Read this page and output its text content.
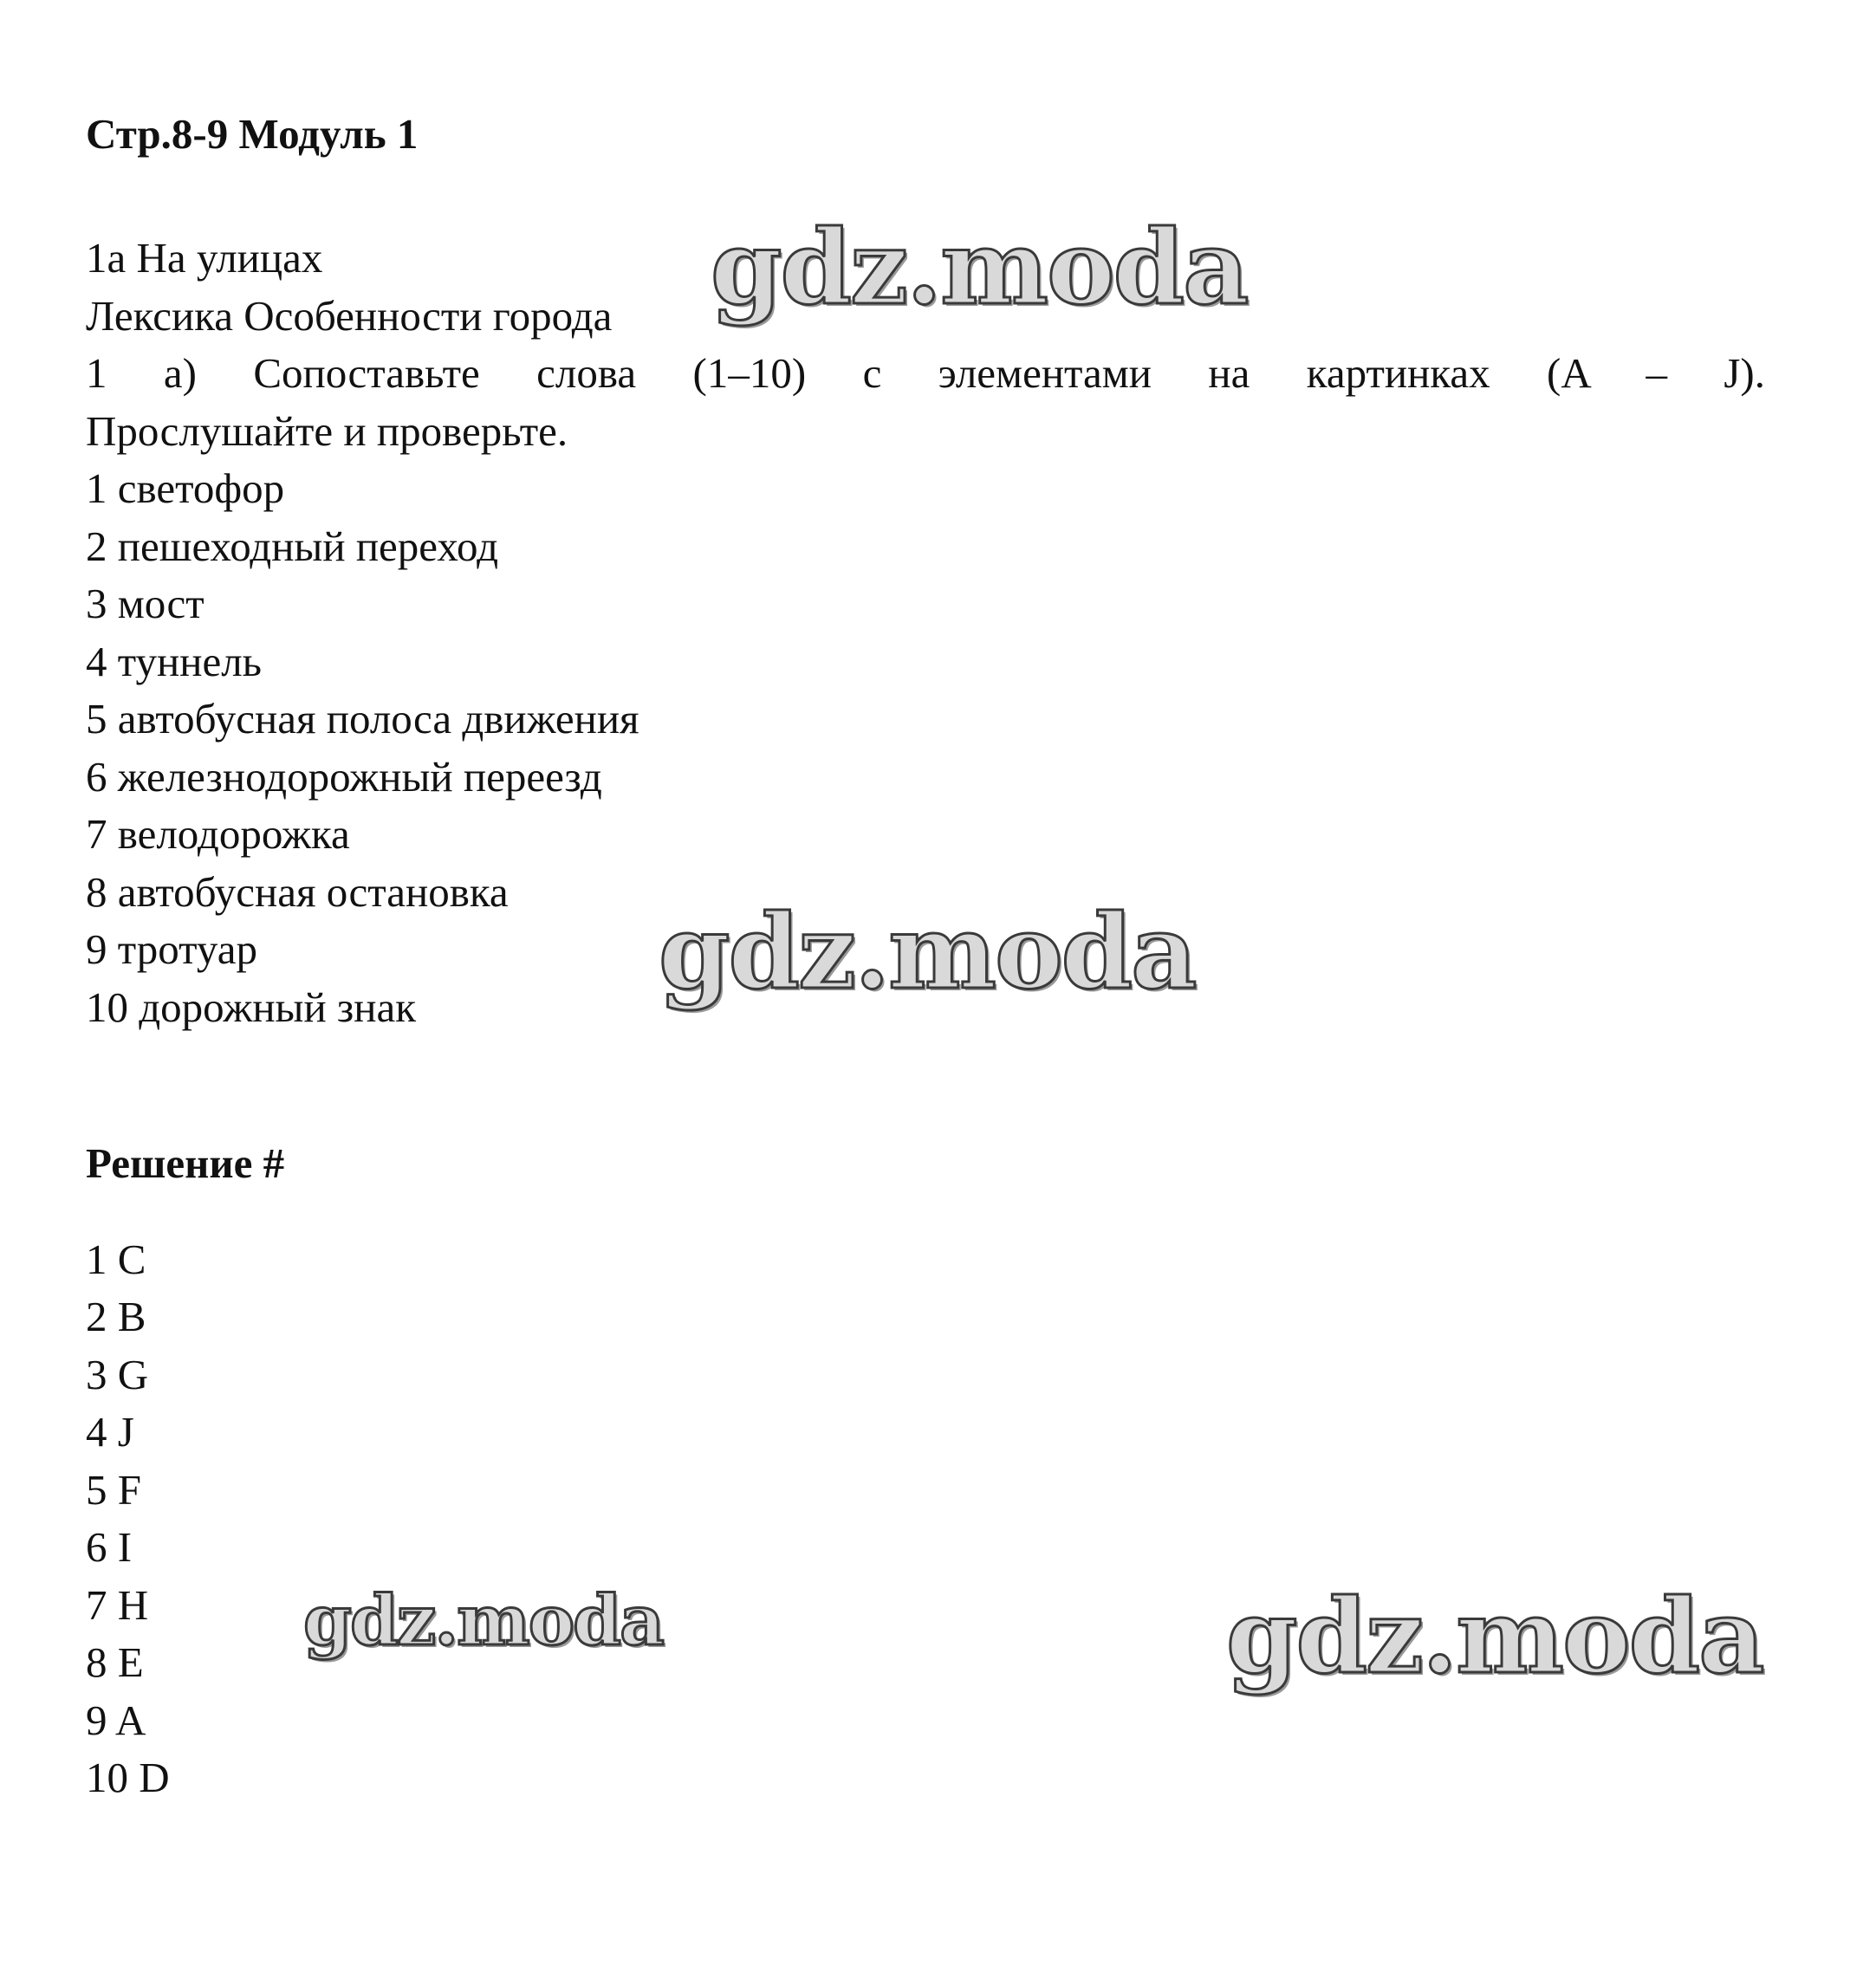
Стр.8-9 Модуль 1
1a На улицах
Лексика Особенности города
1 a) Сопоставьте слова (1–10) с элементами на картинках (A – J).
Прослушайте и проверьте.
1 светофор
2 пешеходный переход
3 мост
4 туннель
5 автобусная полоса движения
6 железнодорожный переезд
7 велодорожка
8 автобусная остановка
9 тротуар
10 дорожный знак
Решение #
1 C
2 B
3 G
4 J
5 F
6 I
7 H
8 E
9 A
10 D
gdz.moda
gdz.moda
gdz.moda	gdz.moda
